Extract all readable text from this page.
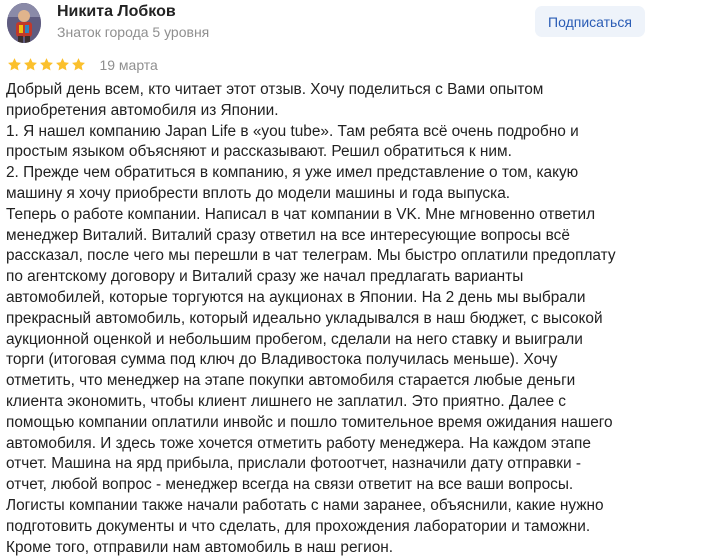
Никита Лобков
Знаток города 5 уровня
Подписаться
19 марта

Добрый день всем, кто читает этот отзыв. Хочу поделиться с Вами опытом

приобретения автомобиля из Японии.

1. Я нашел компанию Japan Life в «you tube». Там ребята всё очень подробно и

простым языком объясняют и рассказывают. Решил обратиться к ним.

2. Прежде чем обратиться в компанию, я уже имел представление о том, какую

машину я хочу приобрести вплоть до модели машины и года выпуска.

Теперь о работе компании. Написал в чат компании в VK. Мне мгновенно ответил

менеджер Виталий. Виталий сразу ответил на все интересующие вопросы всё

рассказал, после чего мы перешли в чат телеграм. Мы быстро оплатили предоплату

по агентскому договору и Виталий сразу же начал предлагать варианты

автомобилей, которые торгуются на аукционах в Японии. На 2 день мы выбрали

прекрасный автомобиль, который идеально укладывался в наш бюджет, с высокой

аукционной оценкой и небольшим пробегом, сделали на него ставку и выиграли

торги (итоговая сумма под ключ до Владивостока получилась меньше). Хочу

отметить, что менеджер на этапе покупки автомобиля старается любые деньги

клиента экономить, чтобы клиент лишнего не заплатил. Это приятно. Далее с

помощью компании оплатили инвойс и пошло томительное время ожидания нашего

автомобиля. И здесь тоже хочется отметить работу менеджера. На каждом этапе

отчет. Машина на ярд прибыла, прислали фотоотчет, назначили дату отправки -

отчет, любой вопрос - менеджер всегда на связи ответит на все ваши вопросы.

Логисты компании также начали работать с нами заранее, объяснили, какие нужно

подготовить документы и что сделать, для прохождения лаборатории и таможни.

Кроме того, отправили нам автомобиль в наш регион.
